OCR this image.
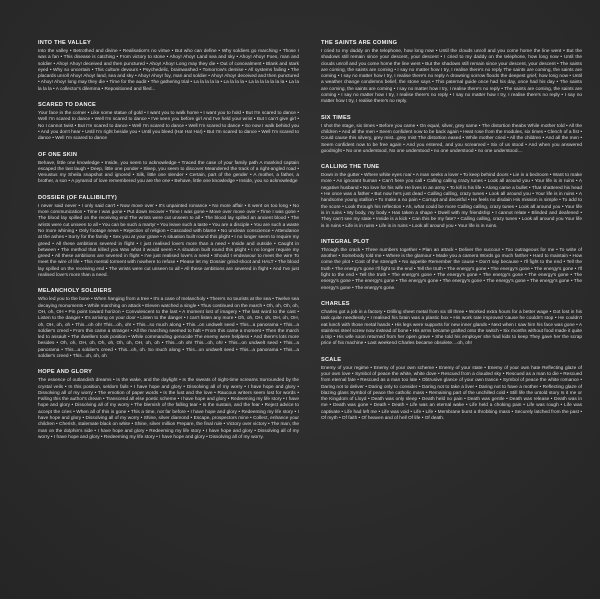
INTO THE VALLEY

Into the valley • Betrothed and divine • Realisation's no virtue • But who can define • Why soldiers go marching • Those I was a fan • This disease is catching • From victory to stone • Ahoy! Ahoy! Land sea and sky • Ahoy! Ahoy! Foes, man and soldier • Ahoy! Ahoy! deceived and then punctured • Ahoy! Ahoy! Long may they die • Out of concealment • Blank and stark eyed • Why so uncertain • This culture devours • Psychedelic, brainwashed • Tomorrow's demise • All systems failing • The placards unroll Ahoy! Ahoy! land, sea and sky • Ahoy! Ahoy! foy, man and soldier • Ahoy! Ahoy! deceived and then punctured • Ahoy! Ahoy! long may they die • Time for the audit • The gathering trial • La la la la la • La la la la • La la la la la la la • La la la la la • A collector's dilemma • Repositioned and filed...

SCARED TO DANCE

Your face in the corner • Like some statue of gold • I want you to walk home • I want you to hold • But I'm scared to dance • Well I'm scared to dance • Well I'm scared to dance • I've seen you before girl And I've held your wrist • But I can't give girl • No I cannot twist • But I'm scared to dance • Well I'm scared to dance • Well I'm scared to dance • So now I walk behind you • And you don't hear • Until I'm right beside you • Until you bleed (Ha! Ha! Ha!) • But I'm scared to dance • Well I'm scared to dance • Well I'm scared to dance

OF ONE SKIN

Behave, little one knowledge • Inside, you seem to acknowledge • Traced the case of your family path A mankind captain escaped the last laugh • Deep, little one ponder • Sleep, you seem to discover Meandered the track of a right-angled road • Venustus my Sheila snapshot and ignored • Silk, little one slender • Certain, part of the gender • A mother, a father, a brother, a son • A pyramid of love remembered you are the one • Behave, little one knowledge • Inside, you so acknowledge

DOSSIER (OF FALLIBILITY)

I never said never • I only said can't • Now move over • It's unpainted romance • No more affair • It went on too long • No more communication • Time I was gone • Put down recover • Time I was gone • Move over move over • Time I was gone • The blood lay spilled on the receiving end The wrists were cut unseen to all • The blood lay spilled an ancient blood • The wrists were cut unseen to all • You can be such a martyr • You leave such a taste • You are a disciple • You are such a waste No more whining • Only footage news • Rejection of religion • Cascaded with blame • No unclean conscience • Attendance at the ashes • Sorry for the family • Sex you at your grave • A situation built round this plight • I no longer seem to require my greed • All these ambitions severed in flight • I just realised love's more than a need • Inside and outside • Caught in between • The method that killed you Was what it would seem • A situation built round this plight • I no longer require my greed • All these ambitions are severed in flight • I've just realised love's a need • Should I endeavour to meet the wire To meet the wire of life • This mental torment with nowhere to refuse • Please let my Dossier grind-shoot and HALT • The blood lay spilled on the receiving end • The wrists were cut unseen to all • All these ambitions are severed in flight • And I've just realised love's more than a need.

MELANCHOLY SOLDIERS

Who led you to the bone • When hanging from a tree • It's a case of melancholy • There's no tourists at the sea • Twelve sea decaying monuments • While marching on attack • Eleven watched a single • Thus continued on the march • Oh, oh, Oh, oh, OH, oh, OH • Pin point toward horizon • Convulescent to the last • A moment lost of imagery • The last word to the cast • Listen to the danger • It's arriving on your door • Listen to the danger • I can't listen any more • Oh, oh, OH, oh, OH, oh, OH, oh, OH, oh, oh • This...oh oh! This...oh, oh! • This...so much along • This...on undwelt seed • This...a panorama • This...a soldier's creed • From this came a stranger • All the marching seemed to halt • From this came a moment • Then the march led to assault • The dwellers took position • While commanding genocide The enemy were helpless • And there's lots more besides • Oh, oh, OH, oh, Oh, oh, Oh, oh, OH, oh, oh • This...oh oh! This...oh, oh! • This...on undwelt seed • This...a panorama • This...a soldier's creed • This...oh, oh. So much along • This...on undwelt seed • This...a panorama • This...a soldier's creed • This...oh, oh, oh

HOPE AND GLORY

The essence of outlandish dreams • Is the wake, and the daylight • Is the sweats of night-time screams Surrounded by the crystal veils • In this position, seldom fails • I have hope and glory • Dissolving all of my worry • I have hope and glory • Dissolving all of my worry • The emotion of paper words • Is the lust and the love • Raucous writers seem lost for words • Falling this the author's dream • Transcend all else poetic scheme • I have hope and glory • Redeeming my life story • I have hope and glory • Dissolving all of my worry • The blemish of the falling tear • Is the sustain, and the fear • Reject advice to accept the cries • When all of this is gone • This a time, not far before • I have hope and glory • Redeeming my life story • I have hope and glory • Dissolving all of my worry • Shine, silver diamond • Escape, prospectors mine • Collect, enhance your children • Cherish, stalemate black on white • Shine, silver million Prepare, the final rule • Victory over victory • The man, the man on the dolphin's side • I have hope and glory • Redeeming my life story • I have hope and glory • Dissolving all of my worry • I have hope and glory • Redeeming my life story • I have hope and glory • Dissolving all of my worry.

THE SAINTS ARE COMING

I cried to my daddy on the telephone, how long now • Until the clouds unroll and you come home the line went • But the shadows still remain since your descent, your descent • I cried to my daddy on the telephone, how long now • Until the clouds unroll and you come home the line went • But the shadows still remain since your descent, your descent • The saints are coming, the saints are coming • I say no matter how I try, I realise there's no reply The saints are coming, the saints are coming • I say no matter how I try, I realise there's no reply A drowning sorrow floods the deepest grief, how long now • Until a weather change condemns belief, the stone says • This paternal guide once had his day, once had his day • The saints are coming, the saints are coming • I say no matter how I try, I realise there's no reply • The saints are coming, the saints are coming • I say no matter how I try, I realise there's no reply • I say no matter how I try, I realise there's no reply • I say no matter how I try, I realise there's no reply.

SIX TIMES

I shot the stage, six times • Before you came • On equal, silver, grey same • The distortion theabs While mother told • All the children • And all the men • Seem confident now to be back again • Heat rose from the modules, six times • Clench of a fist • Could cause this silvery, grey mist...grey mist The distortion eased • While mother cried • All the children • And all the men • Seem confident now to be free again • And you entered, and you screamed • Six of us stood • And when you answered goodnight • No one understood, No one understood • no one understood • no one understood....

CALLING THE TUNE

Down in the gutter • Where white eyes roar • A man seeks a lover • To keep behind doors • Lie in a bedroom • Want to make more • An ignorant human • Can't here you call • Calling calling crazy tunes • Look all around you • Your life is in ruins • A negative husband • No love for his wife He lives in an army • To kill is his life • Along came a bullet • That shattered his head • He once was a father • But now he's just dead • Calling calling, crazy tunes • Look all around you • Your life is in ruins • A handsome young stallion • To make a no pain • Corrupt and deceitful • He feels no disdain His mission is simple • To add to the score • Look through his reflection • Ah, what could be more Calling calling, crazy tunes • Look all around you • Your life is in ruins • My body, my body • Has taken a shape • Dwell with my friendship • I cannot relate • Blinded and deafened • They can't see my state • Inside is a kick • Can this be my fate? • Calling calling, crazy tunes • Look all around you Your life is in ruins • Life is in ruins • Life is in ruins • Look all around you • Your life is in ruins.

INTEGRAL PLOT

Through the crack • Three numbers together • Plan an attack • Deliver the succour • Too outrageous for me • To write of another • Somebody told me • Where is the glamour • Made you a camera Words go much farther • Hard to maintain • How come the plot • Cost of the strength • No appetite Remember the cause • Don't say because • I'll fight to the end • Tell the truth • The energy's gone I'll fight to the end • Tell the truth • The energy's gone • The energy's gone • The energy's gone • I'll fight to the end • Tell the truth • The energy's gone • The energy's gone • The energy's gone • The energy's gone • The energy's gone • The energy's gone • The energy's gone • The energy's gone • The energy's gone • The energy's gone • The energy's gone • The energy's gone.

CHARLES

Charles got a job in a factory • Drilling sheet metal from six till three • Worked extra hours for a better wage • Got lost in his task quite needlessly • I realised his brain was a plastic box • His work rate improved 'cause he couldn't stop • He couldn't eat lunch with those metal hands • His legs were supports for new inner glands • Next when I saw him his face was gone • A stainless steel screw now instead of bone • His arms became grafted onto the switch • Six months without food made it quite a trip • His wife soon returned from her open grave • She told his employer she had kids to keep They gave her the scrap price of his machine • Last weekend Charles became obsolete....oh, oh!

SCALE

Enemy of your regime • Enemy of your own scheme • Enemy of your state • Enemy of your own hate Reflecting glaze of your own love • Symbol of peace the white, white dove • Rescued from a clouded sky • Rescued as a man to die • Rescued from eternal fate • Rescued as a man too late • Obtrusive glance of your own trance • Symbol of peace the white romance • Daring not to deliver • Daring only to consider • Daring not to take a liver • Daring not to have a mother • Reflecting glaze of blazing glass Symbol of peace the catholic mass • Remaining part of the unchilled cold • Still life the untold story Is it me or the Kingdom of Lloyd • Death was only sleep • Death held no pain • Death was gentle • Death was release • Death was in me • Death was gone • Death • Death • Life was an eternal wake • Life held a choking pain • Life was rough • Life was captivate • Life had left me • Life was void • Life • Life • Membrane burst a throbbing mass • Securely latched from the past • Of myth • Of faith • Of heaven and of hell Of life • Of death.
